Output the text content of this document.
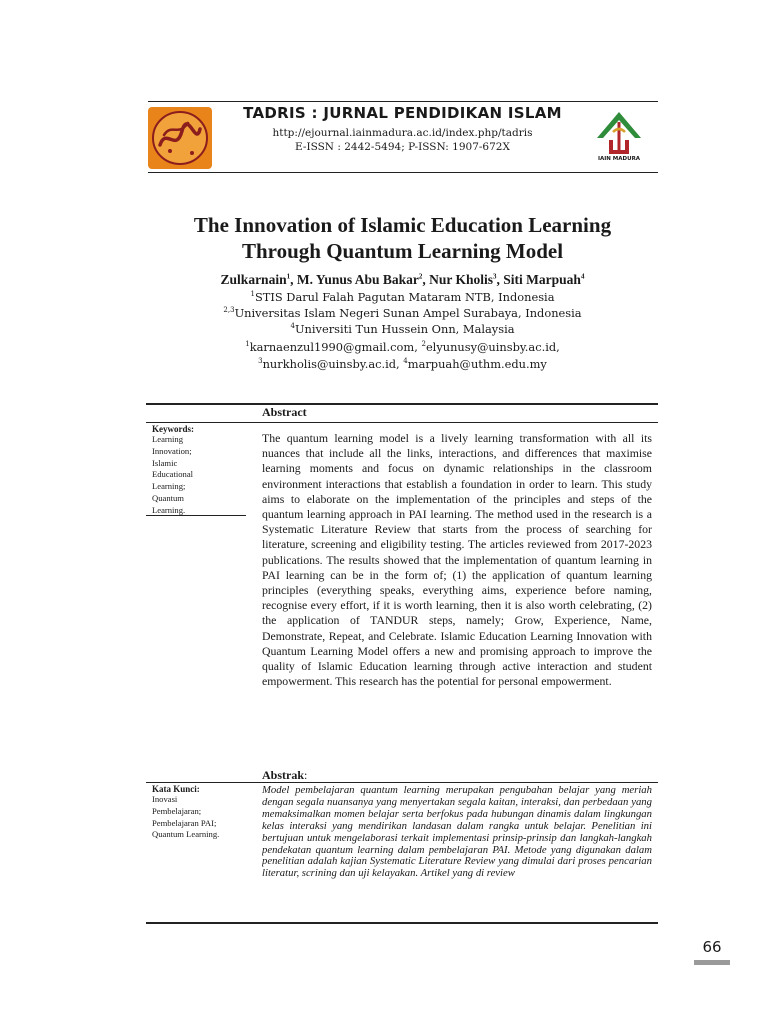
IAIN MADURA
TADRIS : JURNAL PENDIDIKAN ISLAM
http://ejournal.iainmadura.ac.id/index.php/tadris
E-ISSN : 2442-5494; P-ISSN: 1907-672X
The Innovation of Islamic Education Learning
Through Quantum Learning Model
Zulkarnain$^1$, M. Yunus Abu Bakar$^2$, Nur Kholis$^3$, Siti Marpuah$^4$
$^1$STIS Darul Falah Pagutan Mataram NTB, Indonesia
$^{2,3}$Universitas Islam Negeri Sunan Ampel Surabaya, Indonesia
$^4$Universiti Tun Hussein Onn, Malaysia
$^1$karnaenzul1990@gmail.com, $^2$elyunusy@uinsby.ac.id,
$^3$nurkholis@uinsby.ac.id, $^4$marpuah@uthm.edu.my
Abstract
Keywords:
Learning
Innovation;
Islamic
Educational
Learning;
Quantum
Learning.
The quantum learning model is a lively learning transformation with all its nuances that include all the links, interactions, and differences that maximise learning moments and focus on dynamic relationships in the classroom environment interactions that establish a foundation in order to learn. This study aims to elaborate on the implementation of the principles and steps of the quantum learning approach in PAI learning. The method used in the research is a Systematic Literature Review that starts from the process of searching for literature, screening and eligibility testing. The articles reviewed from 2017-2023 publications. The results showed that the implementation of quantum learning in PAI learning can be in the form of; (1) the application of quantum learning principles (everything speaks, everything aims, experience before naming, recognise every effort, if it is worth learning, then it is also worth celebrating, (2) the application of TANDUR steps, namely; Grow, Experience, Name, Demonstrate, Repeat, and Celebrate. Islamic Education Learning Innovation with Quantum Learning Model offers a new and promising approach to improve the quality of Islamic Education learning through active interaction and student empowerment. This research has the potential for personal empowerment.
Abstrak:
Kata Kunci:
Inovasi
Pembelajaran;
Pembelajaran PAI;
Quantum Learning.
Model pembelajaran quantum learning merupakan pengubahan belajar yang meriah dengan segala nuansanya yang menyertakan segala kaitan, interaksi, dan perbedaan yang memaksimalkan momen belajar serta berfokus pada hubungan dinamis dalam lingkungan kelas interaksi yang mendirikan landasan dalam rangka untuk belajar. Penelitian ini bertujuan untuk mengelaborasi terkait implementasi prinsip-prinsip dan langkah-langkah pendekatan quantum learning dalam pembelajaran PAI. Metode yang digunakan dalam penelitian adalah kajian Systematic Literature Review yang dimulai dari proses pencarian literatur, scrining dan uji kelayakan. Artikel yang di review
66
